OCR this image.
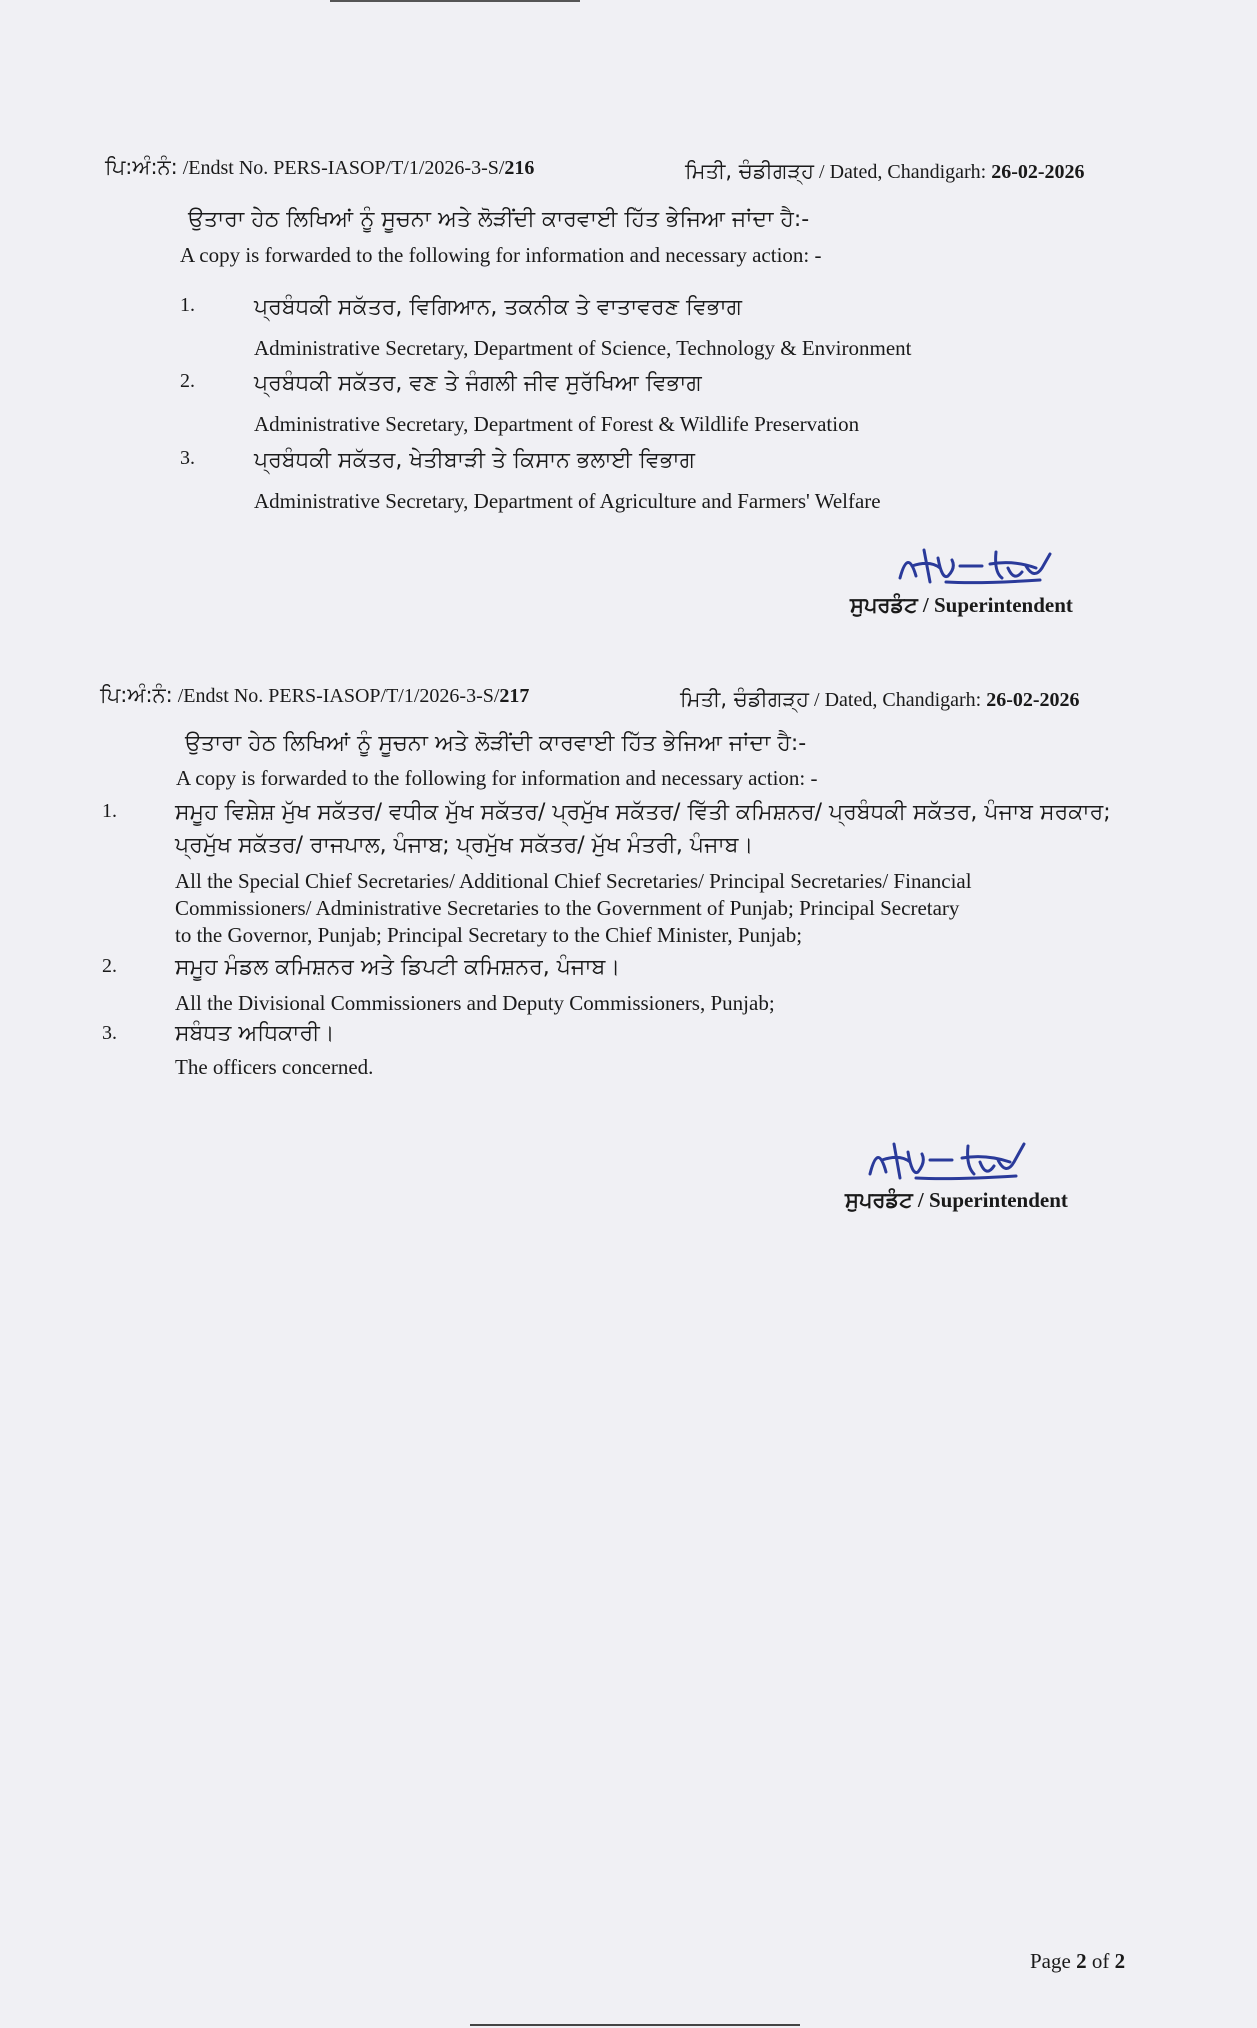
ਪਿ:ਅੰ:ਨੰ: /Endst No. PERS-IASOP/T/1/2026-3-S/216	ਮਿਤੀ, ਚੰਡੀਗੜ੍ਹ / Dated, Chandigarh: 26-02-2026
ਉਤਾਰਾ ਹੇਠ ਲਿਖਿਆਂ ਨੂੰ ਸੂਚਨਾ ਅਤੇ ਲੋੜੀਂਦੀ ਕਾਰਵਾਈ ਹਿੱਤ ਭੇਜਿਆ ਜਾਂਦਾ ਹੈ:-
A copy is forwarded to the following for information and necessary action: -
1.	ਪ੍ਰਬੰਧਕੀ ਸਕੱਤਰ, ਵਿਗਿਆਨ, ਤਕਨੀਕ ਤੇ ਵਾਤਾਵਰਣ ਵਿਭਾਗ
Administrative Secretary, Department of Science, Technology & Environment
2.	ਪ੍ਰਬੰਧਕੀ ਸਕੱਤਰ, ਵਣ ਤੇ ਜੰਗਲੀ ਜੀਵ ਸੁਰੱਖਿਆ ਵਿਭਾਗ
Administrative Secretary, Department of Forest & Wildlife Preservation
3.	ਪ੍ਰਬੰਧਕੀ ਸਕੱਤਰ, ਖੇਤੀਬਾੜੀ ਤੇ ਕਿਸਾਨ ਭਲਾਈ ਵਿਭਾਗ
Administrative Secretary, Department of Agriculture and Farmers' Welfare
ਸੁਪਰਡੰਟ / Superintendent
ਪਿ:ਅੰ:ਨੰ: /Endst No. PERS-IASOP/T/1/2026-3-S/217	ਮਿਤੀ, ਚੰਡੀਗੜ੍ਹ / Dated, Chandigarh: 26-02-2026
ਉਤਾਰਾ ਹੇਠ ਲਿਖਿਆਂ ਨੂੰ ਸੂਚਨਾ ਅਤੇ ਲੋੜੀਂਦੀ ਕਾਰਵਾਈ ਹਿੱਤ ਭੇਜਿਆ ਜਾਂਦਾ ਹੈ:-
A copy is forwarded to the following for information and necessary action: -
1.	ਸਮੂਹ ਵਿਸ਼ੇਸ਼ ਮੁੱਖ ਸਕੱਤਰ/ ਵਧੀਕ ਮੁੱਖ ਸਕੱਤਰ/ ਪ੍ਰਮੁੱਖ ਸਕੱਤਰ/ ਵਿੱਤੀ ਕਮਿਸ਼ਨਰ/ ਪ੍ਰਬੰਧਕੀ ਸਕੱਤਰ, ਪੰਜਾਬ ਸਰਕਾਰ;
ਪ੍ਰਮੁੱਖ ਸਕੱਤਰ/ ਰਾਜਪਾਲ, ਪੰਜਾਬ; ਪ੍ਰਮੁੱਖ ਸਕੱਤਰ/ ਮੁੱਖ ਮੰਤਰੀ, ਪੰਜਾਬ।
All the Special Chief Secretaries/ Additional Chief Secretaries/ Principal Secretaries/ Financial
Commissioners/ Administrative Secretaries to the Government of Punjab; Principal Secretary
to the Governor, Punjab; Principal Secretary to the Chief Minister, Punjab;
2.	ਸਮੂਹ ਮੰਡਲ ਕਮਿਸ਼ਨਰ ਅਤੇ ਡਿਪਟੀ ਕਮਿਸ਼ਨਰ, ਪੰਜਾਬ।
All the Divisional Commissioners and Deputy Commissioners, Punjab;
3.	ਸਬੰਧਤ ਅਧਿਕਾਰੀ।
The officers concerned.
ਸੁਪਰਡੰਟ / Superintendent
Page 2 of 2
